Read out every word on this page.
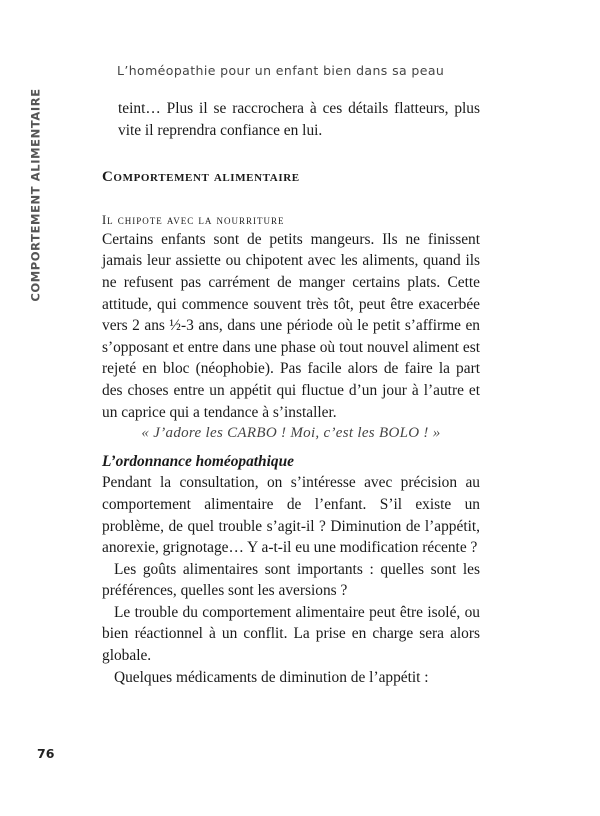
L’homéopathie pour un enfant bien dans sa peau
COMPORTEMENT ALIMENTAIRE	teint… Plus il se raccrochera à ces détails flatteurs, plus vite il reprendra confiance en lui.

Comportement alimentaire
Il chipote avec la nourriture

Certains enfants sont de petits mangeurs. Ils ne finissent jamais leur assiette ou chipotent avec les aliments, quand ils ne refusent pas carrément de manger certains plats. Cette attitude, qui commence souvent très tôt, peut être exacerbée vers 2 ans ½-3 ans, dans une période où le petit s’affirme en s’opposant et entre dans une phase où tout nouvel aliment est rejeté en bloc (néophobie). Pas facile alors de faire la part des choses entre un appétit qui fluctue d’un jour à l’autre et un caprice qui a tendance à s’installer.

« J’adore les CARBO ! Moi, c’est les BOLO ! »

L’ordonnance homéopathique

Pendant la consultation, on s’intéresse avec précision au comportement alimentaire de l’enfant. S’il existe un problème, de quel trouble s’agit-il ? Diminution de l’appétit, anorexie, grignotage… Y a-t-il eu une modification récente ?

Les goûts alimentaires sont importants : quelles sont les préférences, quelles sont les aversions ?

Le trouble du comportement alimentaire peut être isolé, ou bien réactionnel à un conflit. La prise en charge sera alors globale.

Quelques médicaments de diminution de l’appétit :

76
